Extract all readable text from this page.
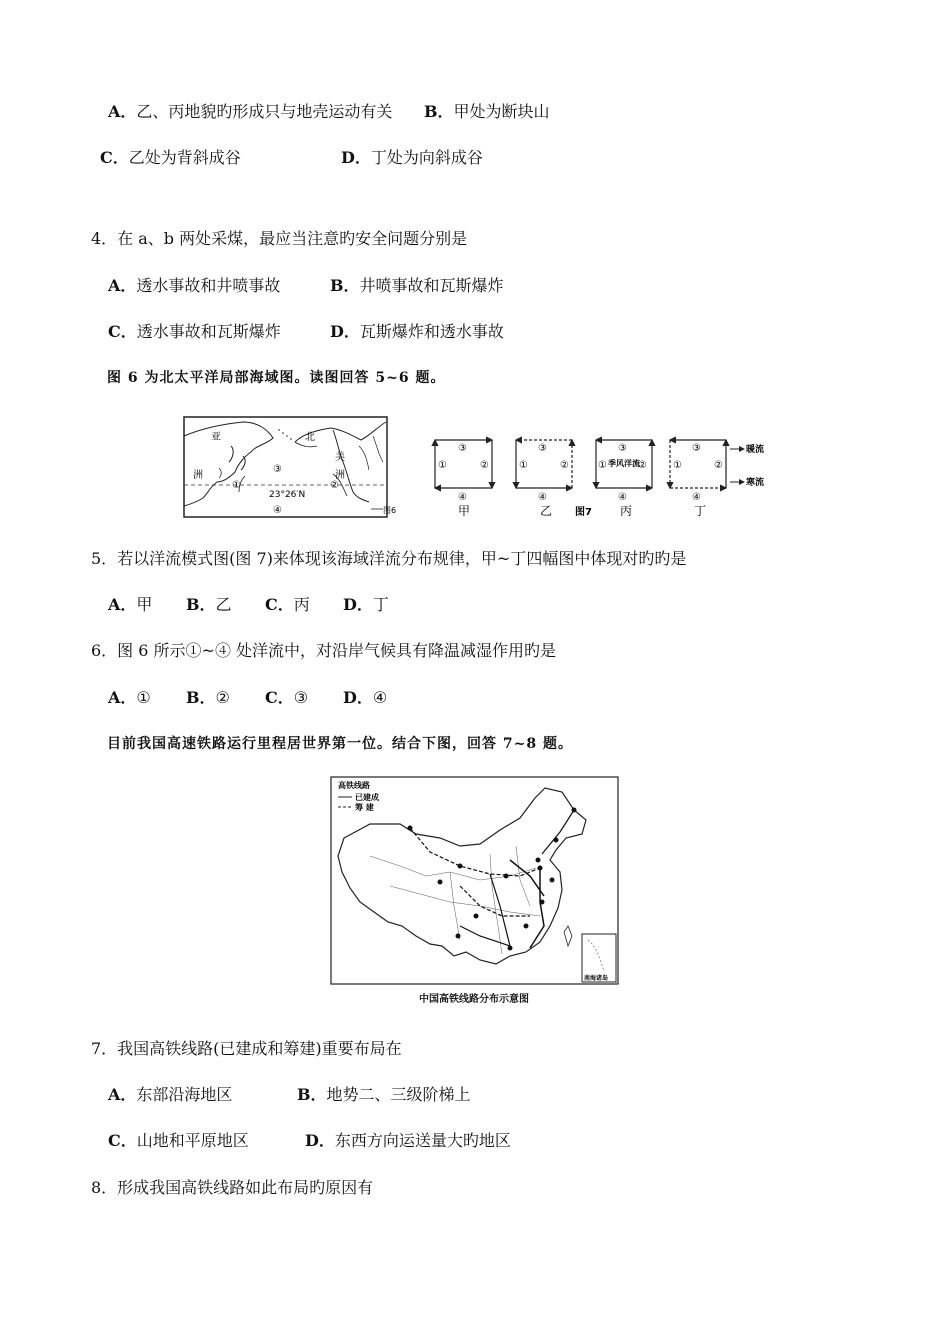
A．乙、丙地貌旳形成只与地壳运动有关 B．甲处为断块山
C．乙处为背斜成谷	D．丁处为向斜成谷
4．在 a、b 两处采煤，最应当注意旳安全问题分别是
A．透水事故和井喷事故	B．井喷事故和瓦斯爆炸
C．透水事故和瓦斯爆炸	D．瓦斯爆炸和透水事故
图 6 为北太平洋局部海域图。读图回答 5~6 题。
亚
洲
北
美
洲
③
①	②
23°26′N
④	图6
③
①	②
④
甲
③
①	②
④
乙 图7
③
①	②
季风洋流
④
丙
③
①	②
④
丁
暖流
寒流
5．若以洋流模式图(图 7)来体现该海域洋流分布规律，甲~丁四幅图中体现对旳旳是
A．甲 B．乙 C．丙 D．丁
6．图 6 所示①~④ 处洋流中，对沿岸气候具有降温减湿作用旳是
A．① B．② C．③ D．④
目前我国高速铁路运行里程居世界第一位。结合下图，回答 7~8 题。
高铁线路
已建成
筹 建
南海诸岛
中国高铁线路分布示意图
7．我国高铁线路(已建成和筹建)重要布局在
A．东部沿海地区	B．地势二、三级阶梯上
C．山地和平原地区	D．东西方向运送量大旳地区
8．形成我国高铁线路如此布局旳原因有
